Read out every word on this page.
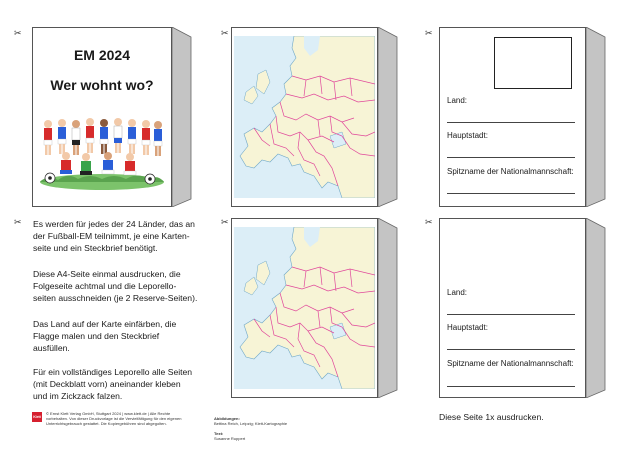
✂	✂	✂
✂	✂	✂
EM 2024
Wer wohnt wo?
Land:
Hauptstadt:
Spitzname der Nationalmannschaft:
Land:
Hauptstadt:
Spitzname der Nationalmannschaft:

Es werden für jedes der 24 Länder, das an
der Fußball-EM teilnimmt, je eine Karten-
seite und ein Steckbrief benötigt.

Diese A4-Seite einmal ausdrucken, die
Folgeseite achtmal und die Leporello-
seiten ausschneiden (je 2 Reserve-Seiten).

Das Land auf der Karte einfärben, die
Flagge malen und den Steckbrief
ausfüllen.

Für ein vollständiges Leporello alle Seiten
(mit Deckblatt vorn) aneinander kleben
und im Zickzack falzen.

Klett

© Ernst Klett Verlag GmbH, Stuttgart 2024 | www.klett.de | Alle Rechte
vorbehalten. Von dieser Druckvorlage ist die Vervielfältigung für den eigenen
Unterrichtsgebrauch gestattet. Die Kopiergebühren sind abgegolten.

Abbildungen:
Bettina Reich, Leipzig; Klett-Kartographie

Text:
Susanne Ruppert

Diese Seite 1x ausdrucken.
